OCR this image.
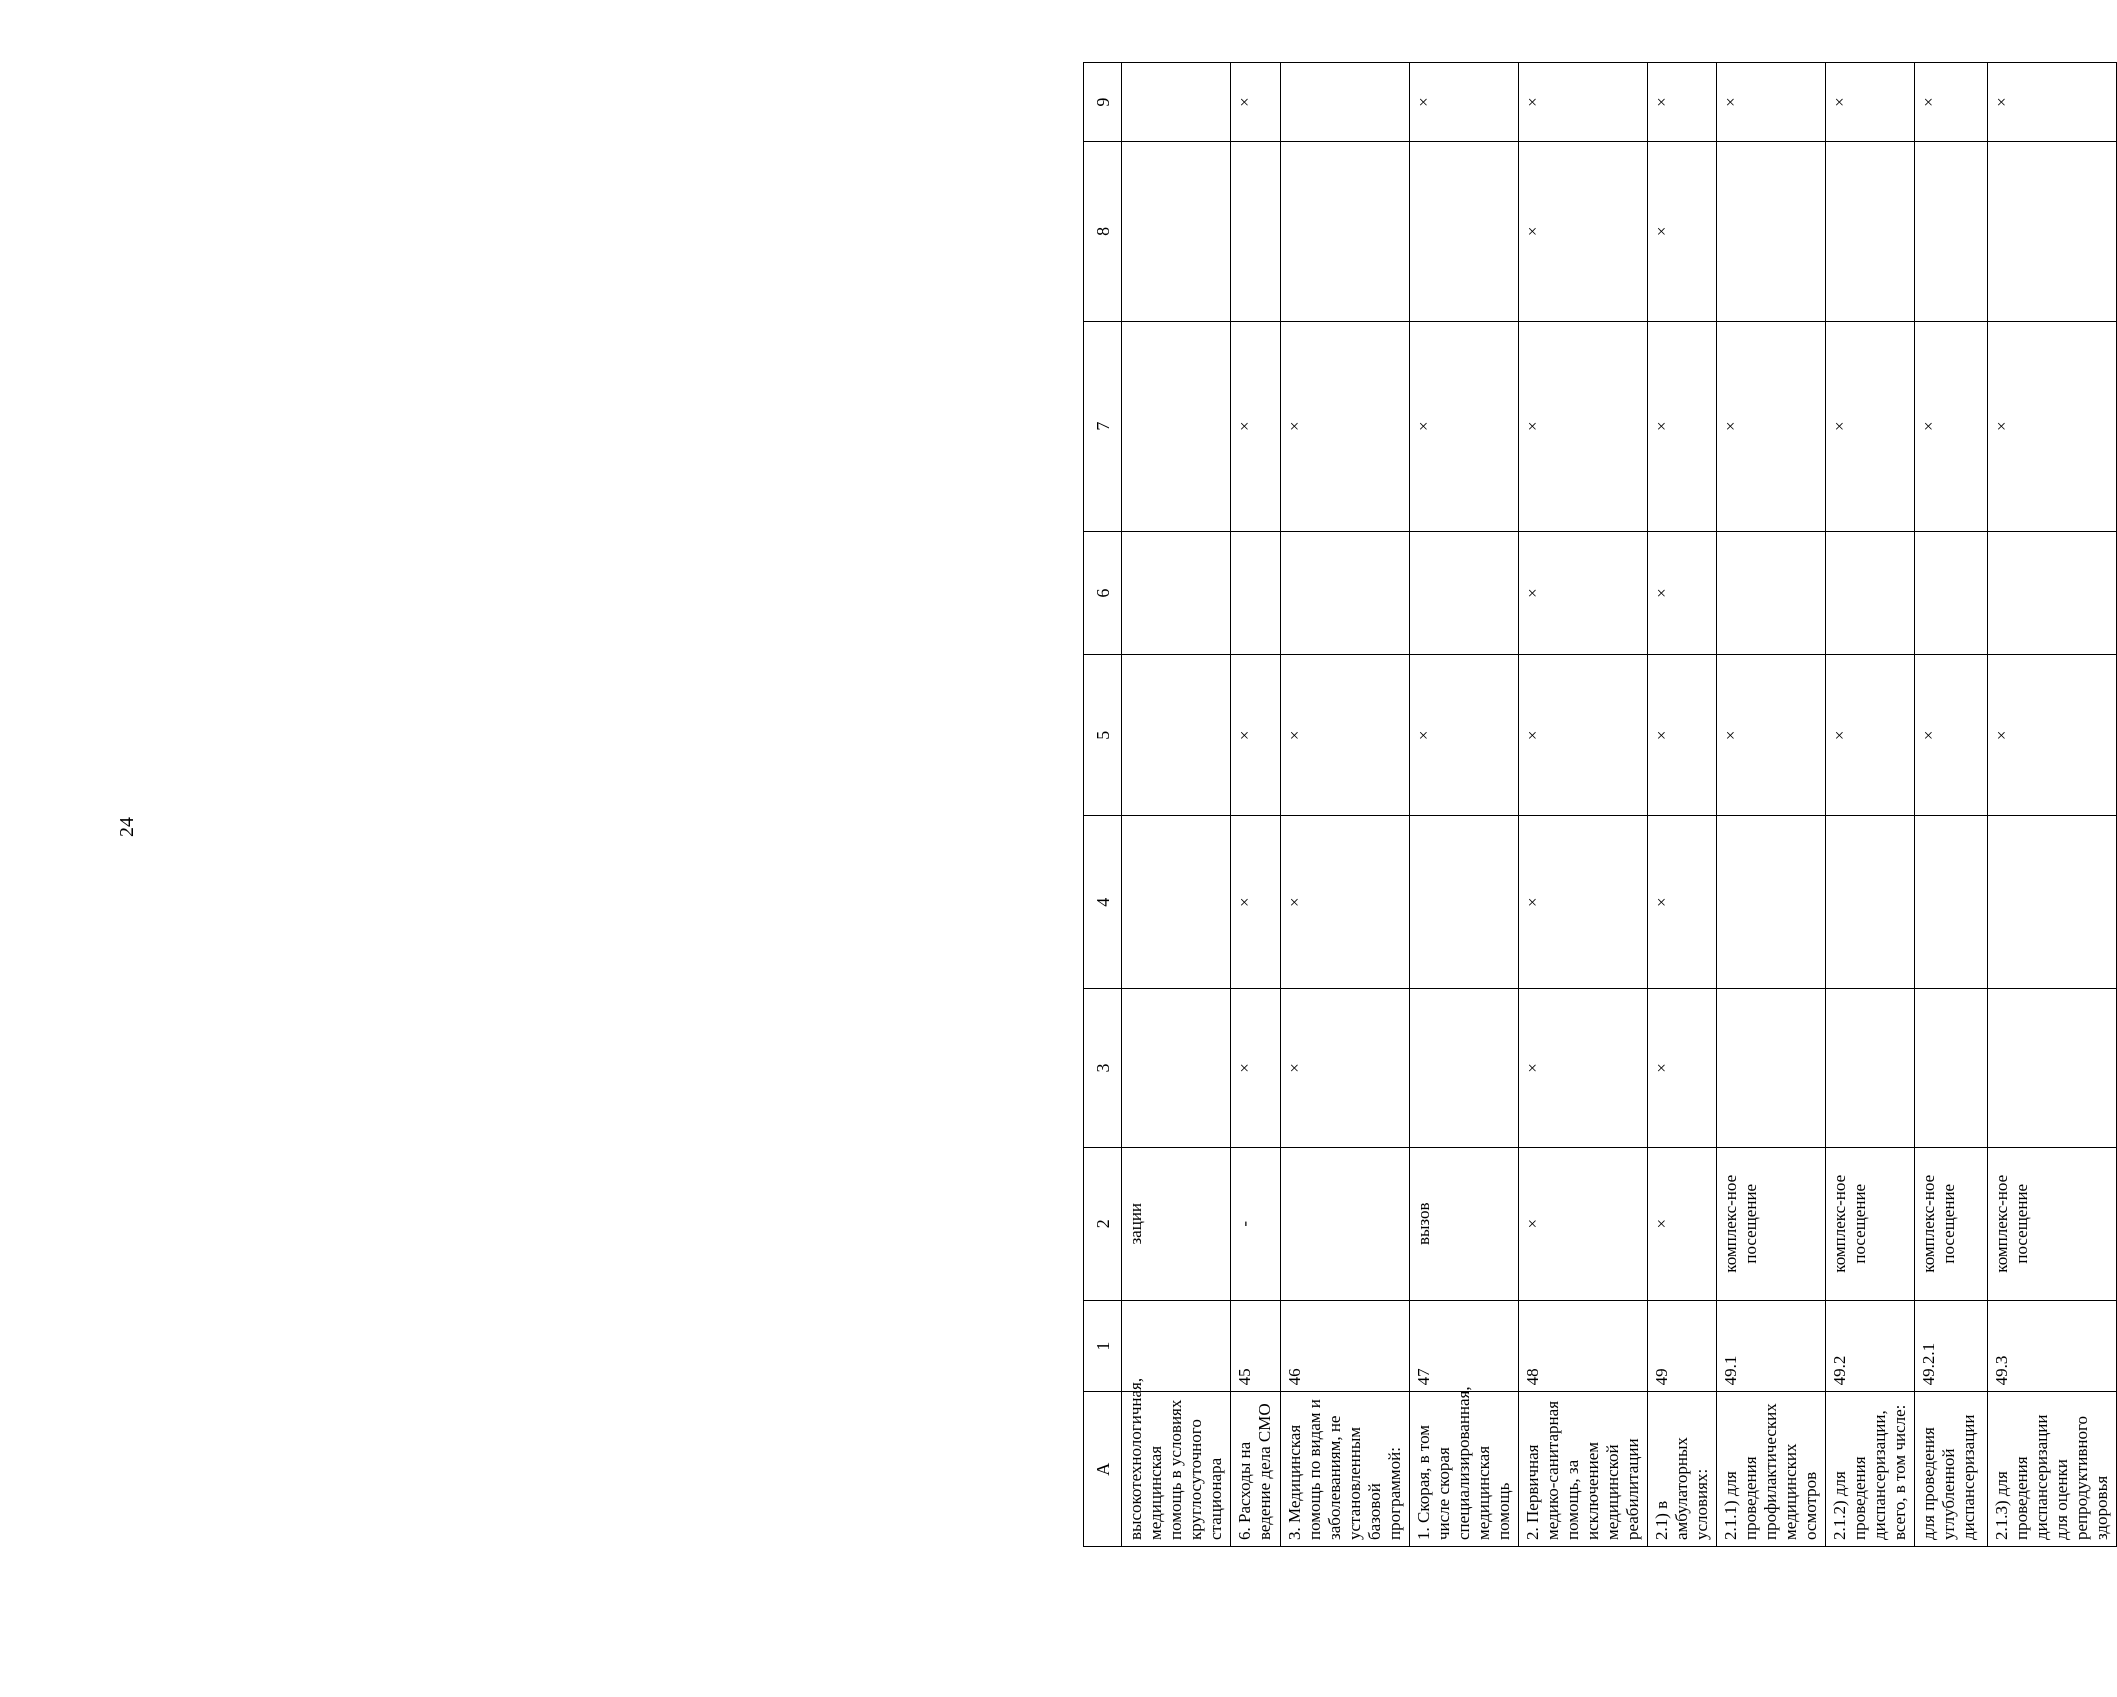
24
А	1	2	3	4	5	6	7	8	9
высокотехнологичная, медицинская помощь в условиях круглосуточного стационара		зации							
6. Расходы на ведение дела СМО	45	-	×	×	×		×		×
3. Медицинская помощь по видам и заболеваниям, не установленным базовой программой:	46		×	×	×		×		
1. Скорая, в том числе скорая специализированная, медицинская помощь	47	вызов			×		×		×
2. Первичная медико-санитарная помощь, за исключением медицинской реабилитации	48	×	×	×	×	×	×	×	×
2.1) в амбулаторных условиях:	49	×	×	×	×	×	×	×	×
2.1.1) для проведения профилактических медицинских осмотров	49.1	комплекс-ное посещение			×		×		×
2.1.2) для проведения диспансеризации, всего, в том числе:	49.2	комплекс-ное посещение			×		×		×
для проведения углубленной диспансеризации	49.2.1	комплекс-ное посещение			×		×		×
2.1.3) для проведения диспансеризации для оценки репродуктивного здоровья	49.3	комплекс-ное посещение			×		×		×
